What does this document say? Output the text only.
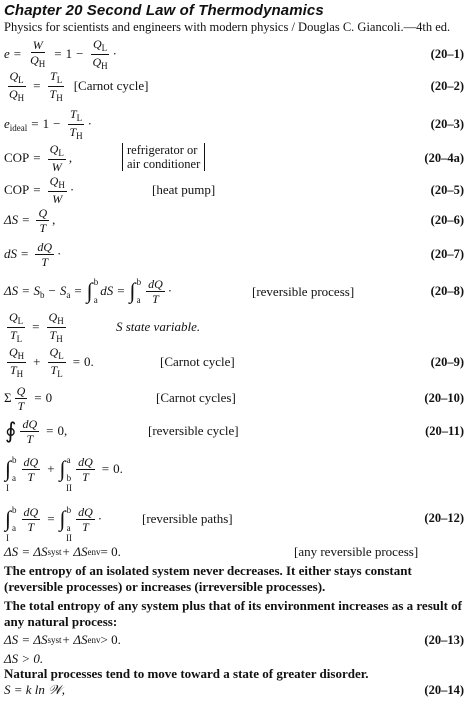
Chapter 20 Second Law of Thermodynamics
Physics for scientists and engineers with modern physics / Douglas C. Giancoli.—4th ed.
$e = \frac{W}{Q_H} = 1 - \frac{Q_L}{Q_H}$ ·	(20–1)
$\frac{Q_L}{Q_H} = \frac{T_L}{T_H}$ [Carnot cycle]	(20–2)
$e_{ideal} = 1 - \frac{T_L}{T_H}$ ·	(20–3)
COP = $\frac{Q_L}{W}$ ,	refrigerator or
air conditioner	(20–4a)
COP = $\frac{Q_H}{W}$ ·	[heat pump]	(20–5)
$\Delta S = \frac{Q}{T}$ ,	(20–6)
dS = $\frac{dQ}{T}$ ·	(20–7)
$\Delta S = S_b - S_a$ = ∫ b
a
dS = ∫ b
a $\frac{dQ}{T}$ ·	[reversible process]	(20–8)
$\frac{Q_L}{T_L} = \frac{Q_H}{T_H}$	S state variable.
$\frac{Q_H}{T_H} + \frac{Q_L}{T_L} = 0$.	[Carnot cycle]	(20–9)
Σ $\frac{Q}{T} = 0$	[Carnot cycles]	(20–10)
∮ $\frac{dQ}{T} = 0$,	[reversible cycle]	(20–11)
∫ b
a $\frac{dQ}{T}$ + ∫ a
b $\frac{dQ}{T} = 0$.
I	II
∫ b
a $\frac{dQ}{T}$ = ∫ b
a $\frac{dQ}{T}$ ·
I	II
[reversible paths]	(20–12)
ΔS = ΔS syst + ΔS env = 0.	[any reversible process]
The entropy of an isolated system never decreases. It either stays constant (reversible processes) or increases (irreversible processes).
The total entropy of any system plus that of its environment increases as a result of any natural process:
ΔS = ΔS syst + ΔS env > 0.	(20–13)
ΔS > 0.
Natural processes tend to move toward a state of greater disorder.
S = k ln 𝒲,	(20–14)
